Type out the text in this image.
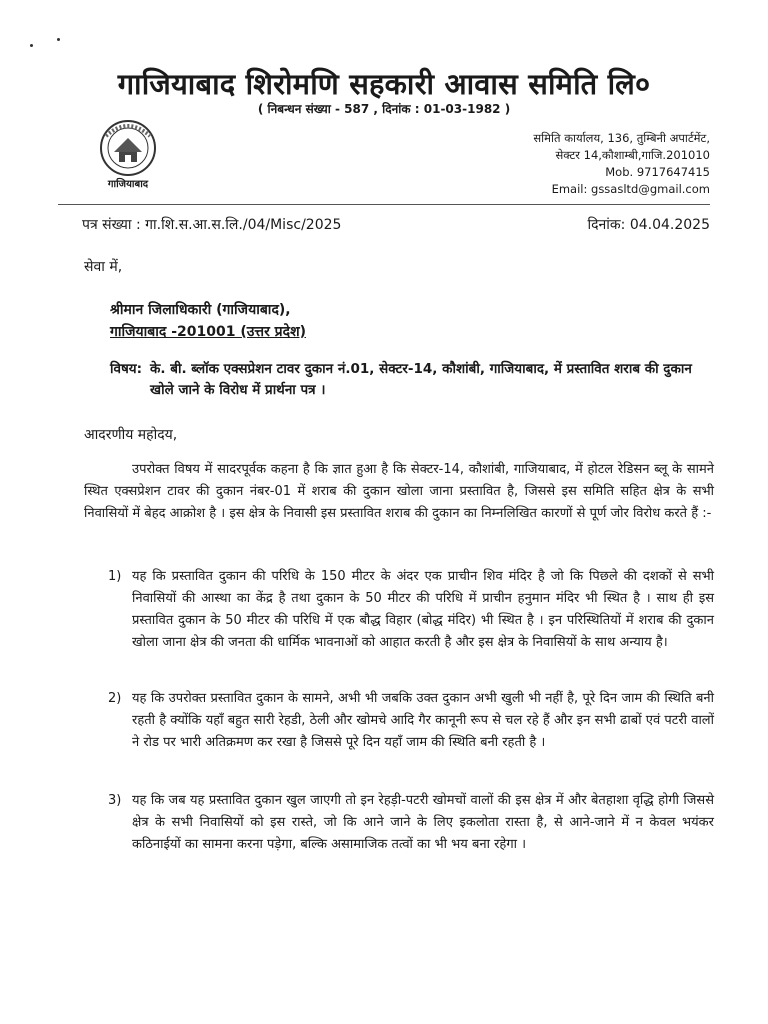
गाजियाबाद शिरोमणि सहकारी आवास समिति लि०
( निबन्धन संख्या - 587 , दिनांक : 01-03-1982 )
गाजियाबाद
समिति कार्यालय, 136, तुम्बिनी अपार्टमेंट,
सेक्टर 14,कौशाम्बी,गाजि.201010
Mob. 9717647415
Email: gssasltd@gmail.com
पत्र संख्या : गा.शि.स.आ.स.लि./04/Misc/2025	दिनांक: 04.04.2025
सेवा में,
श्रीमान जिलाधिकारी (गाजियाबाद),
गाजियाबाद -201001 (उत्तर प्रदेश)
विषय: के. बी. ब्लॉक एक्सप्रेशन टावर दुकान नं.01, सेक्टर-14, कौशांबी, गाजियाबाद, में प्रस्तावित शराब की दुकान खोले जाने के विरोध में प्रार्थना पत्र ।
आदरणीय महोदय,
उपरोक्त विषय में सादरपूर्वक कहना है कि ज्ञात हुआ है कि सेक्टर-14, कौशांबी, गाजियाबाद, में होटल रेडिसन ब्लू के सामने स्थित एक्सप्रेशन टावर की दुकान नंबर-01 में शराब की दुकान खोला जाना प्रस्तावित है, जिससे इस समिति सहित क्षेत्र के सभी निवासियों में बेहद आक्रोश है । इस क्षेत्र के निवासी इस प्रस्तावित शराब की दुकान का निम्नलिखित कारणों से पूर्ण जोर विरोध करते हैं :-
1) यह कि प्रस्तावित दुकान की परिधि के 150 मीटर के अंदर एक प्राचीन शिव मंदिर है जो कि पिछले की दशकों से सभी निवासियों की आस्था का केंद्र है तथा दुकान के 50 मीटर की परिधि में प्राचीन हनुमान मंदिर भी स्थित है । साथ ही इस प्रस्तावित दुकान के 50 मीटर की परिधि में एक बौद्ध विहार (बोद्ध मंदिर) भी स्थित है । इन परिस्थितियों में शराब की दुकान खोला जाना क्षेत्र की जनता की धार्मिक भावनाओं को आहात करती है और इस क्षेत्र के निवासियों के साथ अन्याय है।
2) यह कि उपरोक्त प्रस्तावित दुकान के सामने, अभी भी जबकि उक्त दुकान अभी खुली भी नहीं है, पूरे दिन जाम की स्थिति बनी रहती है क्योंकि यहाँ बहुत सारी रेहडी, ठेली और खोमचे आदि गैर कानूनी रूप से चल रहे हैं और इन सभी ढाबों एवं पटरी वालों ने रोड पर भारी अतिक्रमण कर रखा है जिससे पूरे दिन यहाँ जाम की स्थिति बनी रहती है ।
3) यह कि जब यह प्रस्तावित दुकान खुल जाएगी तो इन रेहड़ी-पटरी खोमचों वालों की इस क्षेत्र में और बेतहाशा वृद्धि होगी जिससे क्षेत्र के सभी निवासियों को इस रास्ते, जो कि आने जाने के लिए इकलोता रास्ता है, से आने-जाने में न केवल भयंकर कठिनाईयों का सामना करना पड़ेगा, बल्कि असामाजिक तत्वों का भी भय बना रहेगा ।
